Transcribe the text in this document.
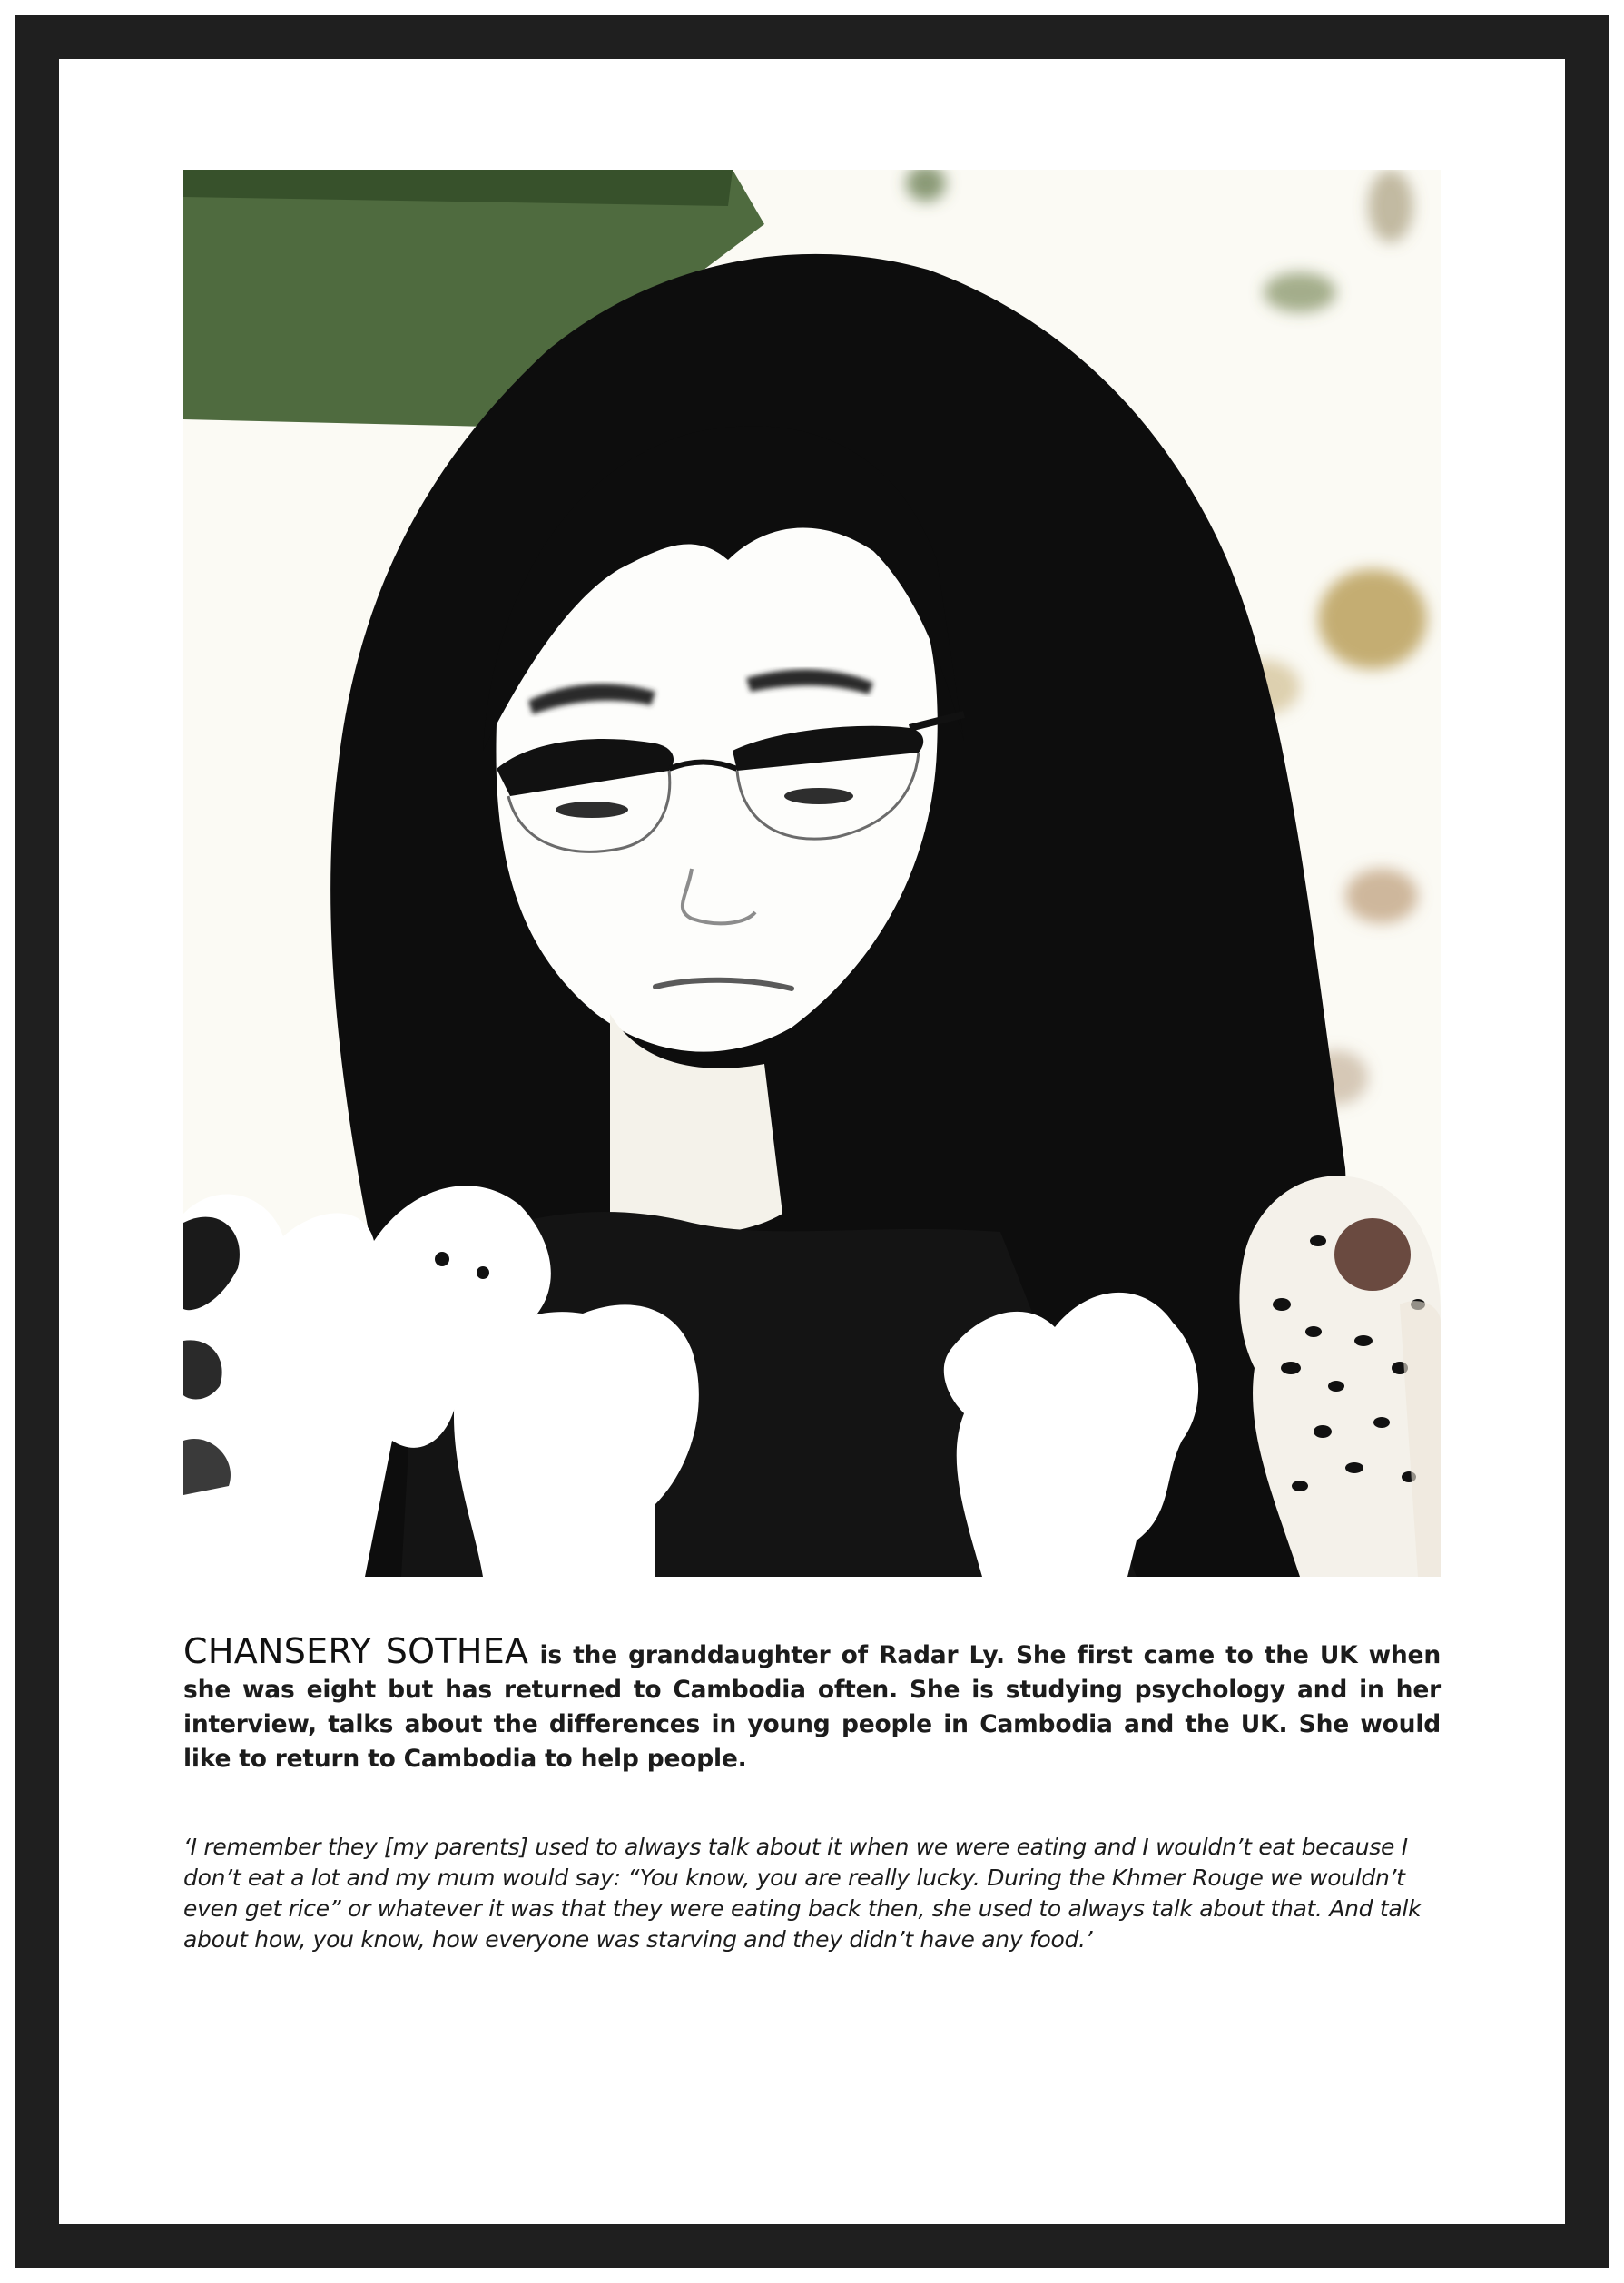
CHANSERY SOTHEA is the granddaughter of Radar Ly. She first came to the UK when she was eight but has returned to Cambodia often. She is studying psychology and in her interview, talks about the differences in young people in Cambodia and the UK. She would like to return to Cambodia to help people.

‘I remember they [my parents] used to always talk about it when we were eating and I wouldn’t eat because I don’t eat a lot and my mum would say: “You know, you are really lucky. During the Khmer Rouge we wouldn’t even get rice” or whatever it was that they were eating back then, she used to always talk about that. And talk about how, you know, how everyone was starving and they didn’t have any food.’
